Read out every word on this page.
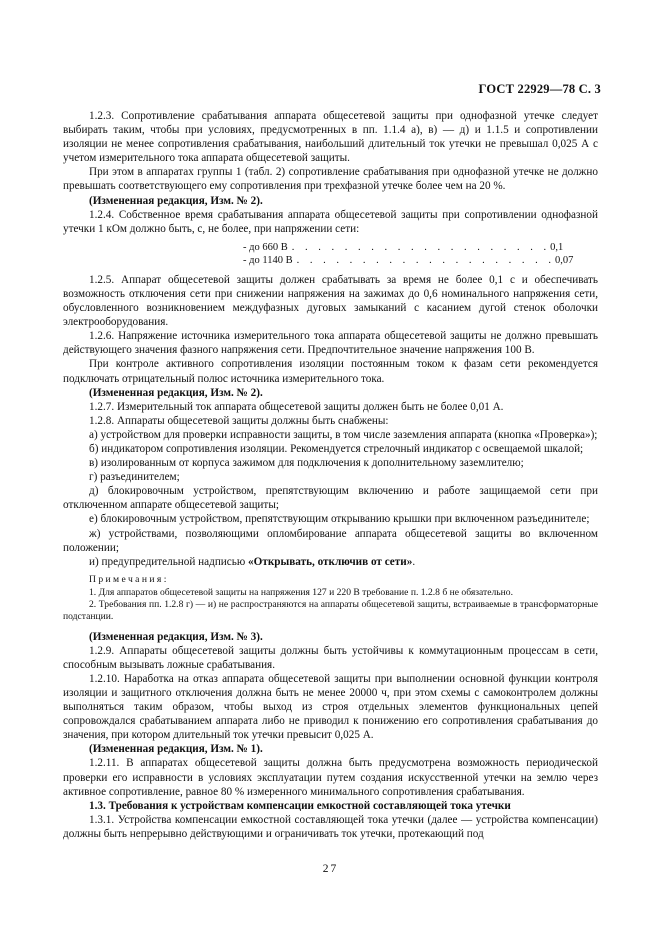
ГОСТ 22929—78 С. 3

1.2.3. Сопротивление срабатывания аппарата общесетевой защиты при однофазной утечке следует выбирать таким, чтобы при условиях, предусмотренных в пп. 1.1.4 а), в) — д) и 1.1.5 и сопротивлении изоляции не менее сопротивления срабатывания, наибольший длительный ток утечки не превышал 0,025 А с учетом измерительного тока аппарата общесетевой защиты.

При этом в аппаратах группы 1 (табл. 2) сопротивление срабатывания при однофазной утечке не должно превышать соответствующего ему сопротивления при трехфазной утечке более чем на 20 %.

(Измененная редакция, Изм. № 2).

1.2.4. Собственное время срабатывания аппарата общесетевой защиты при сопротивлении однофазной утечки 1 кОм должно быть, с, не более, при напряжении сети:

- до 660 В . . . . . . . . . . . . . . . . . . . . 0,1
- до 1140 В . . . . . . . . . . . . . . . . . . . . 0,07

1.2.5. Аппарат общесетевой защиты должен срабатывать за время не более 0,1 с и обеспечивать возможность отключения сети при снижении напряжения на зажимах до 0,6 номинального напряжения сети, обусловленного возникновением междуфазных дуговых замыканий с касанием дугой стенок оболочки электрооборудования.

1.2.6. Напряжение источника измерительного тока аппарата общесетевой защиты не должно превышать действующего значения фазного напряжения сети. Предпочтительное значение напряжения 100 В.

При контроле активного сопротивления изоляции постоянным током к фазам сети рекомендуется подключать отрицательный полюс источника измерительного тока.

(Измененная редакция, Изм. № 2).

1.2.7. Измерительный ток аппарата общесетевой защиты должен быть не более 0,01 А.

1.2.8. Аппараты общесетевой защиты должны быть снабжены:

а) устройством для проверки исправности защиты, в том числе заземления аппарата (кнопка «Проверка»);

б) индикатором сопротивления изоляции. Рекомендуется стрелочный индикатор с освещаемой шкалой;

в) изолированным от корпуса зажимом для подключения к дополнительному заземлителю;

г) разъединителем;

д) блокировочным устройством, препятствующим включению и работе защищаемой сети при отключенном аппарате общесетевой защиты;

е) блокировочным устройством, препятствующим открыванию крышки при включенном разъединителе;

ж) устройствами, позволяющими опломбирование аппарата общесетевой защиты во включенном положении;

и) предупредительной надписью «Открывать, отключив от сети».

Примечания:

1. Для аппаратов общесетевой защиты на напряжения 127 и 220 В требование п. 1.2.8 б не обязательно.

2. Требования пп. 1.2.8 г) — и) не распространяются на аппараты общесетевой защиты, встраиваемые в трансформаторные подстанции.

(Измененная редакция, Изм. № 3).

1.2.9. Аппараты общесетевой защиты должны быть устойчивы к коммутационным процессам в сети, способным вызывать ложные срабатывания.

1.2.10. Наработка на отказ аппарата общесетевой защиты при выполнении основной функции контроля изоляции и защитного отключения должна быть не менее 20000 ч, при этом схемы с самоконтролем должны выполняться таким образом, чтобы выход из строя отдельных элементов функциональных цепей сопровождался срабатыванием аппарата либо не приводил к понижению его сопротивления срабатывания до значения, при котором длительный ток утечки превысит 0,025 А.

(Измененная редакция, Изм. № 1).

1.2.11. В аппаратах общесетевой защиты должна быть предусмотрена возможность периодической проверки его исправности в условиях эксплуатации путем создания искусственной утечки на землю через активное сопротивление, равное 80 % измеренного минимального сопротивления срабатывания.

1.3. Требования к устройствам компенсации емкостной составляющей тока утечки

1.3.1. Устройства компенсации емкостной составляющей тока утечки (далее — устройства компенсации) должны быть непрерывно действующими и ограничивать ток утечки, протекающий под

27
